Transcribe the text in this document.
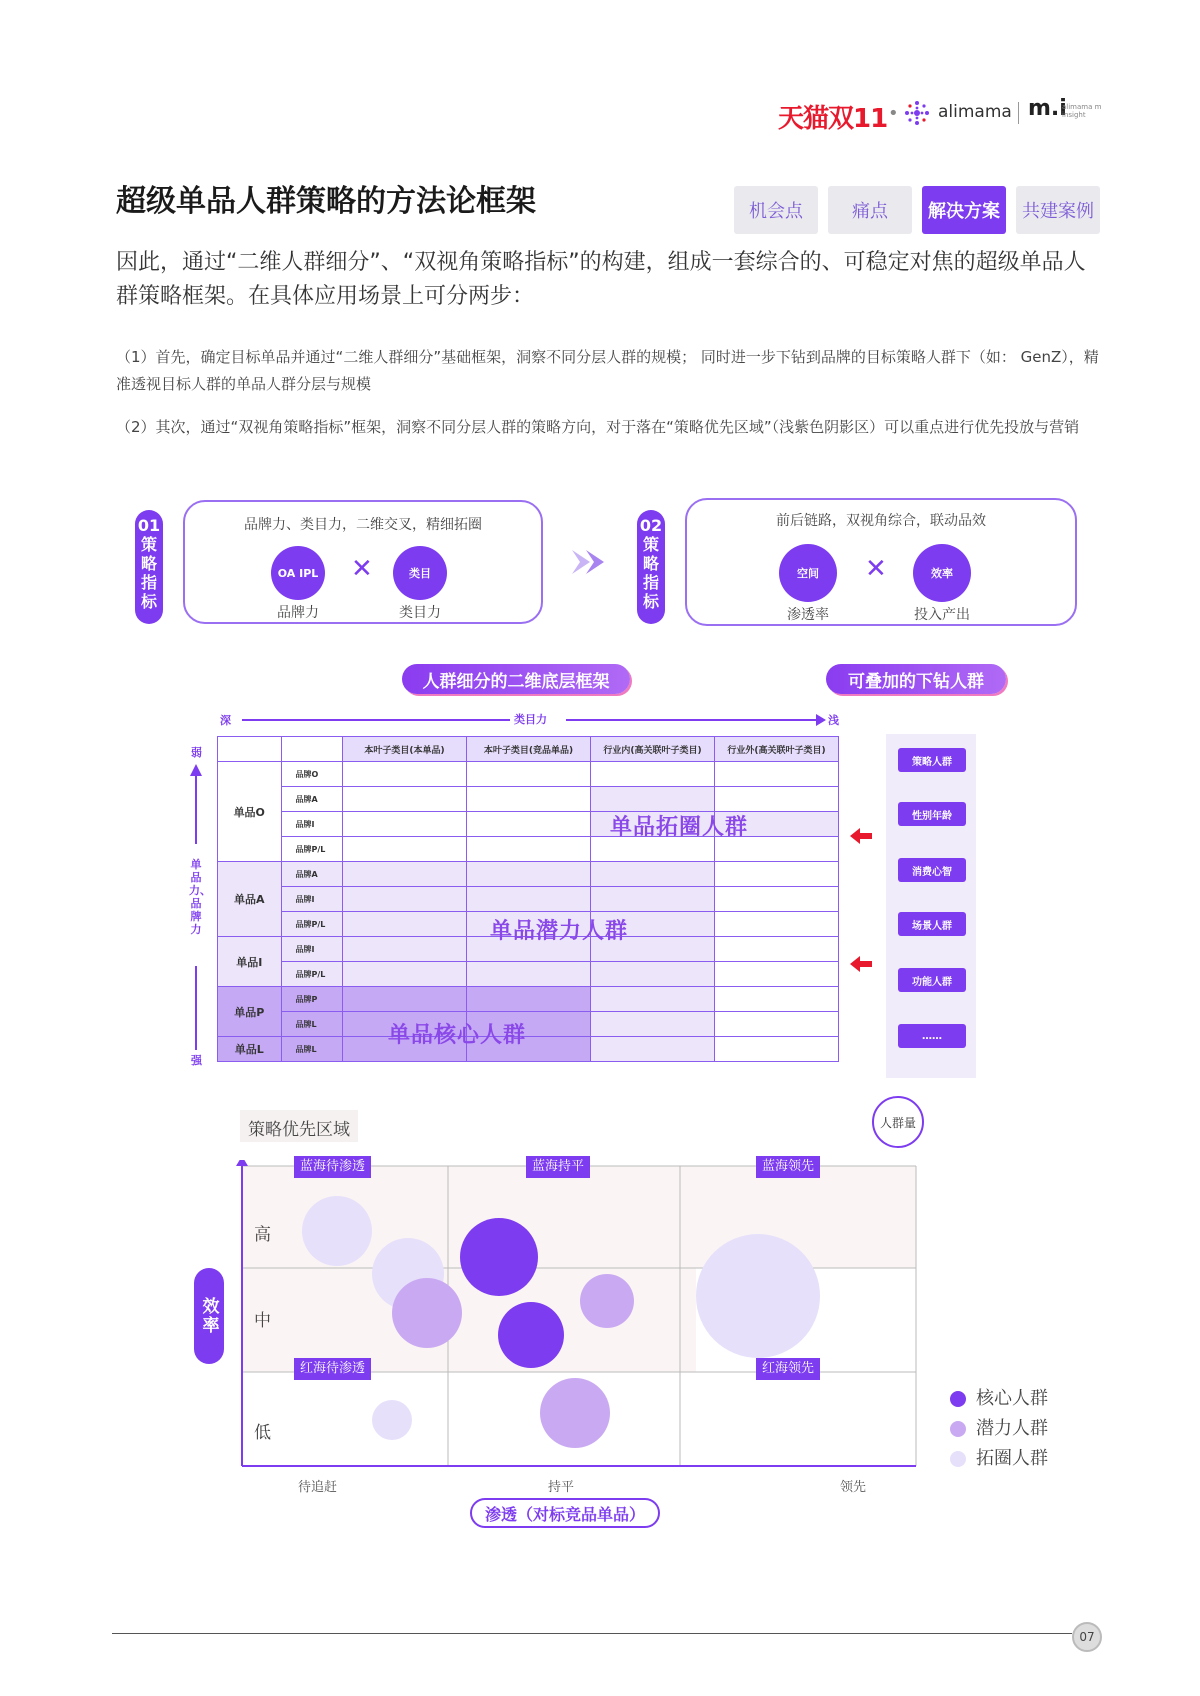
天猫双11 • alimama m.i
alimama m insight
超级单品人群策略的方法论框架	机会点	痛点	解决方案	共建案例
因此，通过“二维人群细分”、“双视角策略指标”的构建，组成一套综合的、可稳定对焦的超级单品人群策略框架。在具体应用场景上可分两步：
（1）首先，确定目标单品并通过“二维人群细分”基础框架，洞察不同分层人群的规模； 同时进一步下钻到品牌的目标策略人群下（如： GenZ），精准透视目标人群的单品人群分层与规模
（2）其次，通过“双视角策略指标”框架，洞察不同分层人群的策略方向，对于落在“策略优先区域”（浅紫色阴影区）可以重点进行优先投放与营销
01策略指标
品牌力、类目力，二维交叉，精细拓圈
OA IPL ✕	类目
品牌力	类目力
02策略指标
前后链路，双视角综合，联动品效
空间	✕	效率
渗透率	投入产出
人群细分的二维底层框架	可叠加的下钻人群
深	类目力	浅
弱
单品力、品牌力
强
		本叶子类目(本单品)	本叶子类目(竞品单品)	行业内(高关联叶子类目)	行业外(高关联叶子类目)
单品O	品牌O				
	品牌A				
	品牌I				
	品牌P/L				
单品A	品牌A				
	品牌I				
	品牌P/L				
单品I	品牌I				
	品牌P/L				
单品P	品牌P				
	品牌L				
单品L	品牌L				
单品拓圈人群
单品潜力人群
单品核心人群
策略人群
性别年龄
消费心智
场景人群
功能人群
……
策略优先区域	人群量
蓝海待渗透	蓝海持平	蓝海领先
红海待渗透	红海领先
高
中
低
效率
待追赶	持平	领先
渗透（对标竞品单品）
核心人群
潜力人群
拓圈人群
07
